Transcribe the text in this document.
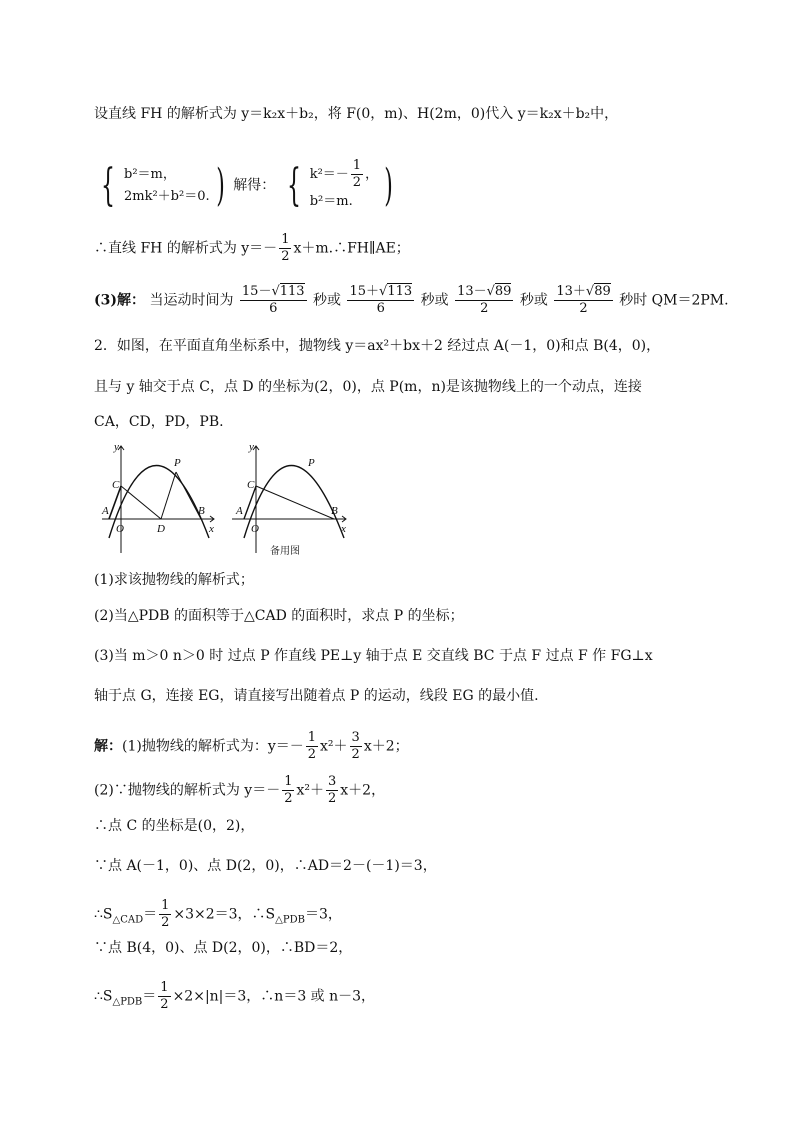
设直线 FH 的解析式为 y＝k₂x＋b₂，将 F(0，m)、H(2m，0)代入 y＝k₂x＋b₂中，
{ b²＝m，
2mk²＋b²＝0. ) 解得： { $k^2=- \frac{1}{2}$ ，
b²＝m. )
∴直线 FH 的解析式为 $y=- \frac{1}{2}$ x＋m.∴FH∥AE；
(3)解： 当运动时间为 $\frac{15-√113}{6}$ 秒或 $\frac{15+√113}{6}$ 秒或 $\frac{13-√89}{2}$ 秒或 $\frac{13+√89}{2}$ 秒时 QM＝2PM.
2．如图，在平面直角坐标系中，抛物线 y＝ax²＋bx＋2 经过点 A(－1，0)和点 B(4，0)，
且与 y 轴交于点 C，点 D 的坐标为(2，0)，点 P(m，n)是该抛物线上的一个动点，连接
CA，CD，PD，PB.
y
x
O
A	B
C
D
P
y
x
O
A	B
C
P
备用图
(1)求该抛物线的解析式；
(2)当△PDB 的面积等于△CAD 的面积时，求点 P 的坐标；
(3)当 m＞0 n＞0 时 过点 P 作直线 PE⊥y 轴于点 E 交直线 BC 于点 F 过点 F 作 FG⊥x
轴于点 G，连接 EG，请直接写出随着点 P 的运动，线段 EG 的最小值.
解：(1)抛物线的解析式为：$y=- \frac{1}{2} x^2+ \frac{3}{2} x+2$；
(2)∵抛物线的解析式为 $y=- \frac{1}{2} x^2+ \frac{3}{2} x+2$，
∴点 C 的坐标是(0，2)，
∵点 A(－1，0)、点 D(2，0)，∴AD＝2－(－1)＝3，
$\therefore S_{\triangle CAD}= \frac{1}{2} \times 3\times 2=3$，$\therefore S_{\triangle PDB}=3$，
∵点 B(4，0)、点 D(2，0)，∴BD＝2，
$\therefore S_{\triangle PDB}= \frac{1}{2} \times 2\times|n|=3$，∴n＝3 或 n－3，
